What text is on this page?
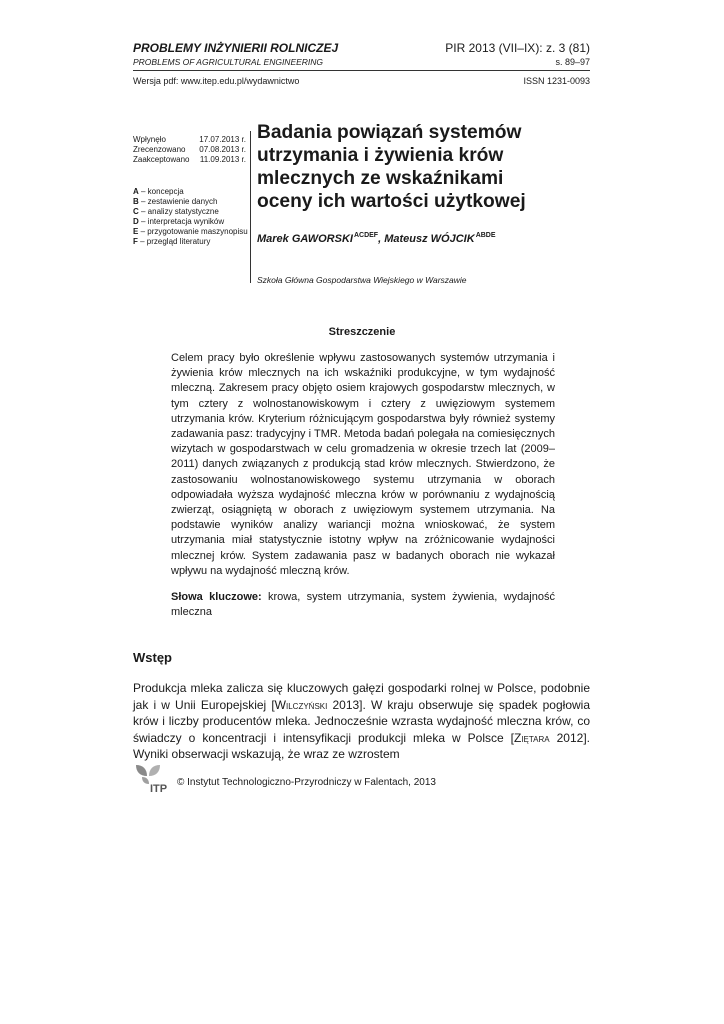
PROBLEMY INŻYNIERII ROLNICZEJ
PROBLEMS OF AGRICULTURAL ENGINEERING
PIR 2013 (VII–IX): z. 3 (81)
s. 89–97
Wersja pdf: www.itep.edu.pl/wydawnictwo	ISSN 1231-0093
Wpłynęło	17.07.2013 r.
Zrecenzowano 07.08.2013 r.
Zaakceptowano 11.09.2013 r.
A – koncepcja
B – zestawienie danych
C – analizy statystyczne
D – interpretacja wyników
E – przygotowanie maszynopisu
F – przegląd literatury
Badania powiązań systemów utrzymania i żywienia krów mlecznych ze wskaźnikami oceny ich wartości użytkowej
Marek $GAWORSKI^{ACDEF}$, Mateusz $WÓJCIK^{ABDE}$
Szkoła Główna Gospodarstwa Wiejskiego w Warszawie
Streszczenie
Celem pracy było określenie wpływu zastosowanych systemów utrzymania i żywienia krów mlecznych na ich wskaźniki produkcyjne, w tym wydajność mleczną. Zakresem pracy objęto osiem krajowych gospodarstw mlecznych, w tym cztery z wolnostanowiskowym i cztery z uwięziowym systemem utrzymania krów. Kryterium różnicującym gospodarstwa były również systemy zadawania pasz: tradycyjny i TMR. Metoda badań polegała na comiesięcznych wizytach w gospodarstwach w celu gromadzenia w okresie trzech lat (2009–2011) danych związanych z produkcją stad krów mlecznych. Stwierdzono, że zastosowaniu wolnostanowiskowego systemu utrzymania w oborach odpowiadała wyższa wydajność mleczna krów w porównaniu z wydajnością zwierząt, osiągniętą w oborach z uwięziowym systemem utrzymania. Na podstawie wyników analizy wariancji można wnioskować, że system utrzymania miał statystycznie istotny wpływ na zróżnicowanie wydajności mlecznej krów. System zadawania pasz w badanych oborach nie wykazał wpływu na wydajność mleczną krów.
Słowa kluczowe: krowa, system utrzymania, system żywienia, wydajność mleczna
Wstęp
Produkcja mleka zalicza się kluczowych gałęzi gospodarki rolnej w Polsce, podobnie jak i w Unii Europejskiej [Wilczyński 2013]. W kraju obserwuje się spadek pogłowia krów i liczby producentów mleka. Jednocześnie wzrasta wydajność mleczna krów, co świadczy o koncentracji i intensyfikacji produkcji mleka w Polsce [Ziętara 2012]. Wyniki obserwacji wskazują, że wraz ze wzrostem
ITP
© Instytut Technologiczno-Przyrodniczy w Falentach, 2013
